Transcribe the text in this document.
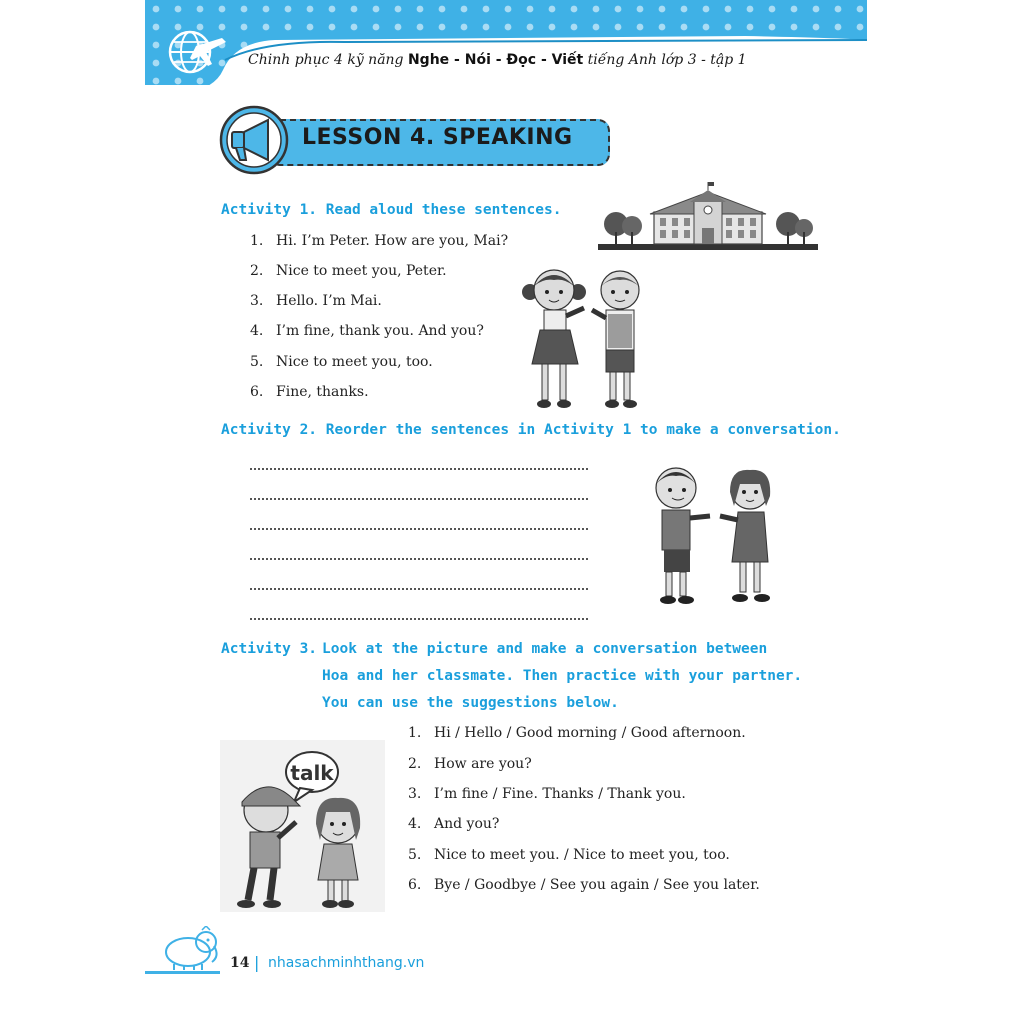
Chinh phục 4 kỹ năng Nghe - Nói - Đọc - Viết tiếng Anh lớp 3 - tập 1
LESSON 4. SPEAKING
Activity 1. Read aloud these sentences.
1. Hi. I’m Peter. How are you, Mai?
2. Nice to meet you, Peter.
3. Hello. I’m Mai.
4. I’m fine, thank you. And you?
5. Nice to meet you, too.
6. Fine, thanks.
Activity 2. Reorder the sentences in Activity 1 to make a conversation.
Activity 3. Look at the picture and make a conversation between
Hoa and her classmate. Then practice with your partner.
You can use the suggestions below.
1. Hi / Hello / Good morning / Good afternoon.
2. How are you?
3. I’m fine / Fine. Thanks / Thank you.
4. And you?
5. Nice to meet you. / Nice to meet you, too.
6. Bye / Goodbye / See you again / See you later.
talk
14 | nhasachminhthang.vn
